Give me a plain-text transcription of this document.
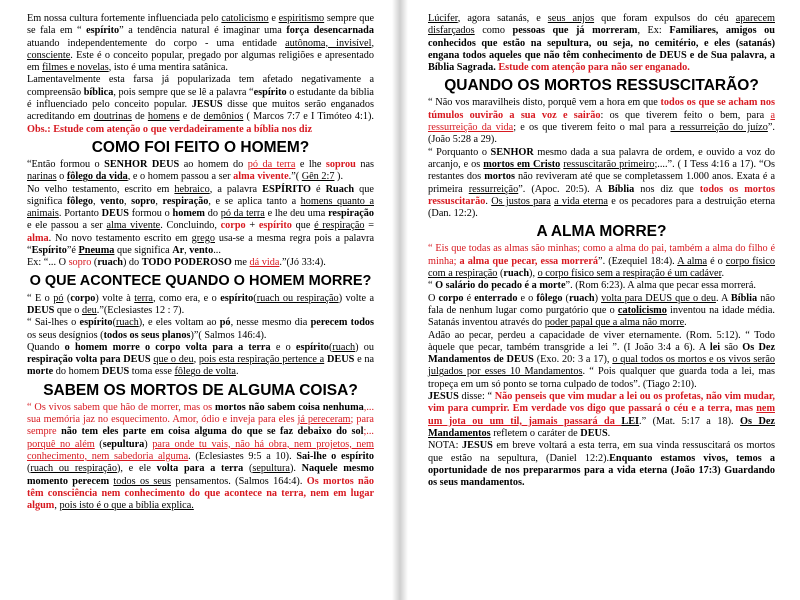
Em nossa cultura fortemente influenciada pelo catolicismo e espiritismo sempre que se fala em “ espírito” a tendência natural é imaginar uma força desencarnada atuando independentemente do corpo - uma entidade autônoma, invisível, consciente. Este é o conceito popular, pregado por algumas religiões e apresentado em filmes e novelas, isto é uma mentira satânica.

Lamentavelmente esta farsa já popularizada tem afetado negativamente a compreensão bíblica, pois sempre que se lê a palavra “espírito o estudante da bíblia é influenciado pelo conceito popular. JESUS disse que muitos serão enganados acreditando em doutrinas de homens e de demônios ( Marcos 7:7 e I Timóteo 4:1). Obs.: Estude com atenção o que verdadeiramente a bíblia nos diz

COMO FOI FEITO O HOMEM?

“Então formou o SENHOR DEUS ao homem do pó da terra e lhe soprou nas narinas o fôlego da vida, e o homem passou a ser alma vivente.”( Gên 2:7 ).

No velho testamento, escrito em hebraico, a palavra ESPÍRITO é Ruach que significa fôlego, vento, sopro, respiração, e se aplica tanto a homens quanto a animais. Portanto DEUS formou o homem do pó da terra e lhe deu uma respiração e ele passou a ser alma vivente. Concluindo, corpo + espírito que é respiração = alma. No novo testamento escrito em grego usa-se a mesma regra pois a palavra “Espírito”é Pneuma que significa Ar, vento...

Ex: “... O sopro (ruach) do TODO PODEROSO me dá vida.”(Jó 33:4).

O QUE ACONTECE QUANDO O HOMEM MORRE?

“ E o pó (corpo) volte à terra, como era, e o espírito(ruach ou respiração) volte a DEUS que o deu.”(Eclesiastes 12 : 7).

“ Sai-lhes o espírito(ruach), e eles voltam ao pó, nesse mesmo dia perecem todos os seus desígnios (todos os seus planos)”( Salmos 146:4).

Quando o homem morre o corpo volta para a terra e o espírito(ruach) ou respiração volta para DEUS que o deu, pois esta respiração pertence a DEUS e na morte do homem DEUS toma esse fôlego de volta.

SABEM OS MORTOS DE ALGUMA COISA?

“ Os vivos sabem que hão de morrer, mas os mortos não sabem coisa nenhuma,... sua memória jaz no esquecimento. Amor, ódio e inveja para eles já pereceram; para sempre não tem eles parte em coisa alguma do que se faz debaixo do sol;... porquê no além (sepultura) para onde tu vais, não há obra, nem projetos, nem conhecimento, nem sabedoria alguma. (Eclesiastes 9:5 a 10). Sai-lhe o espírito (ruach ou respiração), e ele volta para a terra (sepultura). Naquele mesmo momento perecem todos os seus pensamentos. (Salmos 164:4). Os mortos não têm consciência nem conhecimento do que acontece na terra, nem em lugar algum, pois isto é o que a bíblia explica.

Lúcifer, agora satanás, e seus anjos que foram expulsos do céu aparecem disfarçados como pessoas que já morreram, Ex: Familiares, amigos ou conhecidos que estão na sepultura, ou seja, no cemitério, e eles (satanás) engana todos aqueles que não têm conhecimento de DEUS e de Sua palavra, a Bíblia Sagrada. Estude com atenção para não ser enganado.

QUANDO OS MORTOS RESSUSCITARÃO?

“ Não vos maravilheis disto, porquê vem a hora em que todos os que se acham nos túmulos ouvirão a sua voz e sairão: os que tiverem feito o bem, para a ressurreição da vida; e os que tiverem feito o mal para a ressurreição do juízo”. (João 5:28 a 29).

“ Porquanto o SENHOR mesmo dada a sua palavra de ordem, e ouvido a voz do arcanjo, e os mortos em Cristo ressuscitarão primeiro;....”. ( I Tess 4:16 a 17). “Os restantes dos mortos não reviveram até que se completassem 1.000 anos. Exata é a primeira ressurreição”. (Apoc. 20:5). A Bíblia nos diz que todos os mortos ressuscitarão. Os justos para a vida eterna e os pecadores para a destruição eterna (Dan. 12:2).

A ALMA MORRE?

“ Eis que todas as almas são minhas; como a alma do pai, também a alma do filho é minha; a alma que pecar, essa morrerá”. (Ezequiel 18:4). A alma é o corpo físico com a respiração (ruach), o corpo físico sem a respiração é um cadáver.

“ O salário do pecado é a morte”. (Rom 6:23). A alma que pecar essa morrerá.

O corpo é enterrado e o fôlego (ruach) volta para DEUS que o deu. A Bíblia não fala de nenhum lugar como purgatório que o catolicismo inventou na idade média. Satanás inventou através do poder papal que a alma não morre.

Adão ao pecar, perdeu a capacidade de viver eternamente. (Rom. 5:12). “ Todo àquele que pecar, também transgride a lei ”. (I João 3:4 a 6). A lei são Os Dez Mandamentos de DEUS (Exo. 20: 3 a 17), o qual todos os mortos e os vivos serão julgados por esses 10 Mandamentos. “ Pois qualquer que guarda toda a lei, mas tropeça em um só ponto se torna culpado de todos”. (Tiago 2:10).

JESUS disse: “ Não penseis que vim mudar a lei ou os profetas, não vim mudar, vim para cumprir. Em verdade vos digo que passará o céu e a terra, mas nem um jota ou um til, jamais passará da LEI.” (Mat. 5:17 a 18). Os Dez Mandamentos refletem o caráter de DEUS.

NOTA: JESUS em breve voltará a esta terra, em sua vinda ressuscitará os mortos que estão na sepultura, (Daniel 12:2).Enquanto estamos vivos, temos a oportunidade de nos prepararmos para a vida eterna (João 17:3) Guardando os seus mandamentos.
